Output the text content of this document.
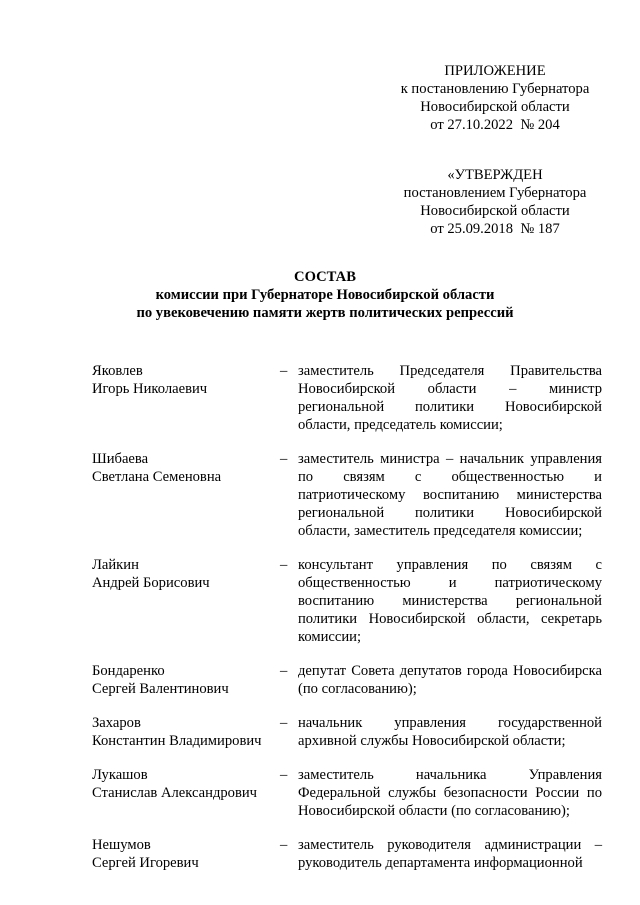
ПРИЛОЖЕНИЕ
к постановлению Губернатора
Новосибирской области
от 27.10.2022  № 204
«УТВЕРЖДЕН
постановлением Губернатора
Новосибирской области
от 25.09.2018  № 187
СОСТАВ
комиссии при Губернаторе Новосибирской области
по увековечению памяти жертв политических репрессий
Яковлев
Игорь Николаевич
– заместитель Председателя Правительства Новосибирской области – министр региональной политики Новосибирской области, председатель комиссии;
Шибаева
Светлана Семеновна
– заместитель министра – начальник управления по связям с общественностью и патриотическому воспитанию министерства региональной политики Новосибирской области, заместитель председателя комиссии;
Лайкин
Андрей Борисович
– консультант управления по связям с общественностью и патриотическому воспитанию министерства региональной политики Новосибирской области, секретарь комиссии;
Бондаренко
Сергей Валентинович
– депутат Совета депутатов города Новосибирска (по согласованию);
Захаров
Константин Владимирович
– начальник управления государственной архивной службы Новосибирской области;
Лукашов
Станислав Александрович
– заместитель начальника Управления Федеральной службы безопасности России по Новосибирской области (по согласованию);
Нешумов
Сергей Игоревич
– заместитель руководителя администрации – руководитель департамента информационной
